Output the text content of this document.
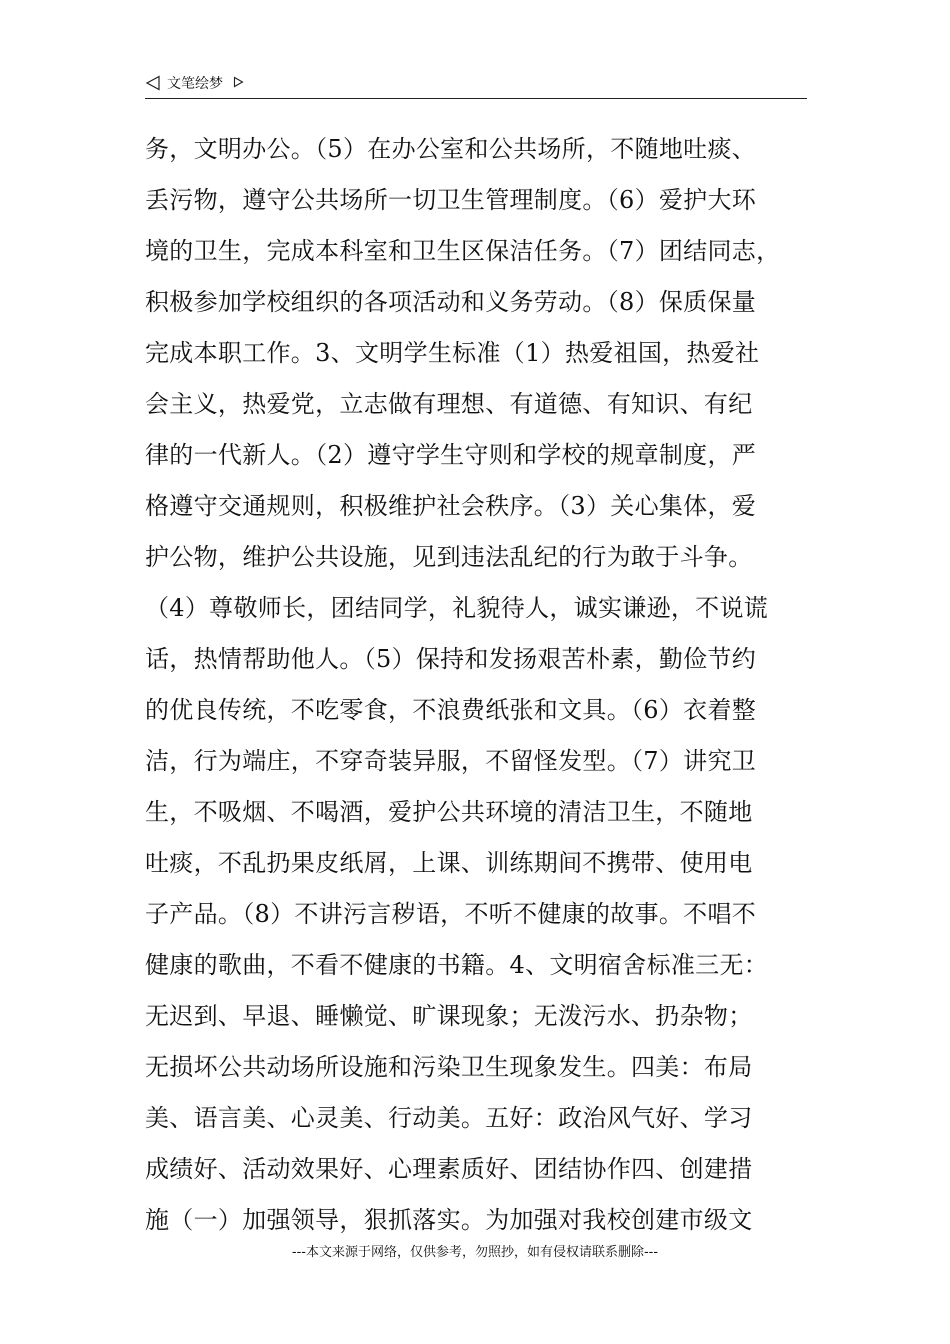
文笔绘梦
务，文明办公。（5）在办公室和公共场所，不随地吐痰、
丢污物，遵守公共场所一切卫生管理制度。（6）爱护大环
境的卫生，完成本科室和卫生区保洁任务。（7）团结同志，
积极参加学校组织的各项活动和义务劳动。（8）保质保量
完成本职工作。3、文明学生标准（1）热爱祖国，热爱社
会主义，热爱党，立志做有理想、有道德、有知识、有纪
律的一代新人。（2）遵守学生守则和学校的规章制度，严
格遵守交通规则，积极维护社会秩序。（3）关心集体，爱
护公物，维护公共设施，见到违法乱纪的行为敢于斗争。
（4）尊敬师长，团结同学，礼貌待人，诚实谦逊，不说谎
话，热情帮助他人。（5）保持和发扬艰苦朴素，勤俭节约
的优良传统，不吃零食，不浪费纸张和文具。（6）衣着整
洁，行为端庄，不穿奇装异服，不留怪发型。（7）讲究卫
生，不吸烟、不喝酒，爱护公共环境的清洁卫生，不随地
吐痰，不乱扔果皮纸屑，上课、训练期间不携带、使用电
子产品。（8）不讲污言秽语，不听不健康的故事。不唱不
健康的歌曲，不看不健康的书籍。4、文明宿舍标准三无：
无迟到、早退、睡懒觉、旷课现象；无泼污水、扔杂物；
无损坏公共动场所设施和污染卫生现象发生。四美：布局
美、语言美、心灵美、行动美。五好：政治风气好、学习
成绩好、活动效果好、心理素质好、团结协作四、创建措
施（一）加强领导，狠抓落实。为加强对我校创建市级文
---本文来源于网络，仅供参考，勿照抄，如有侵权请联系删除---
